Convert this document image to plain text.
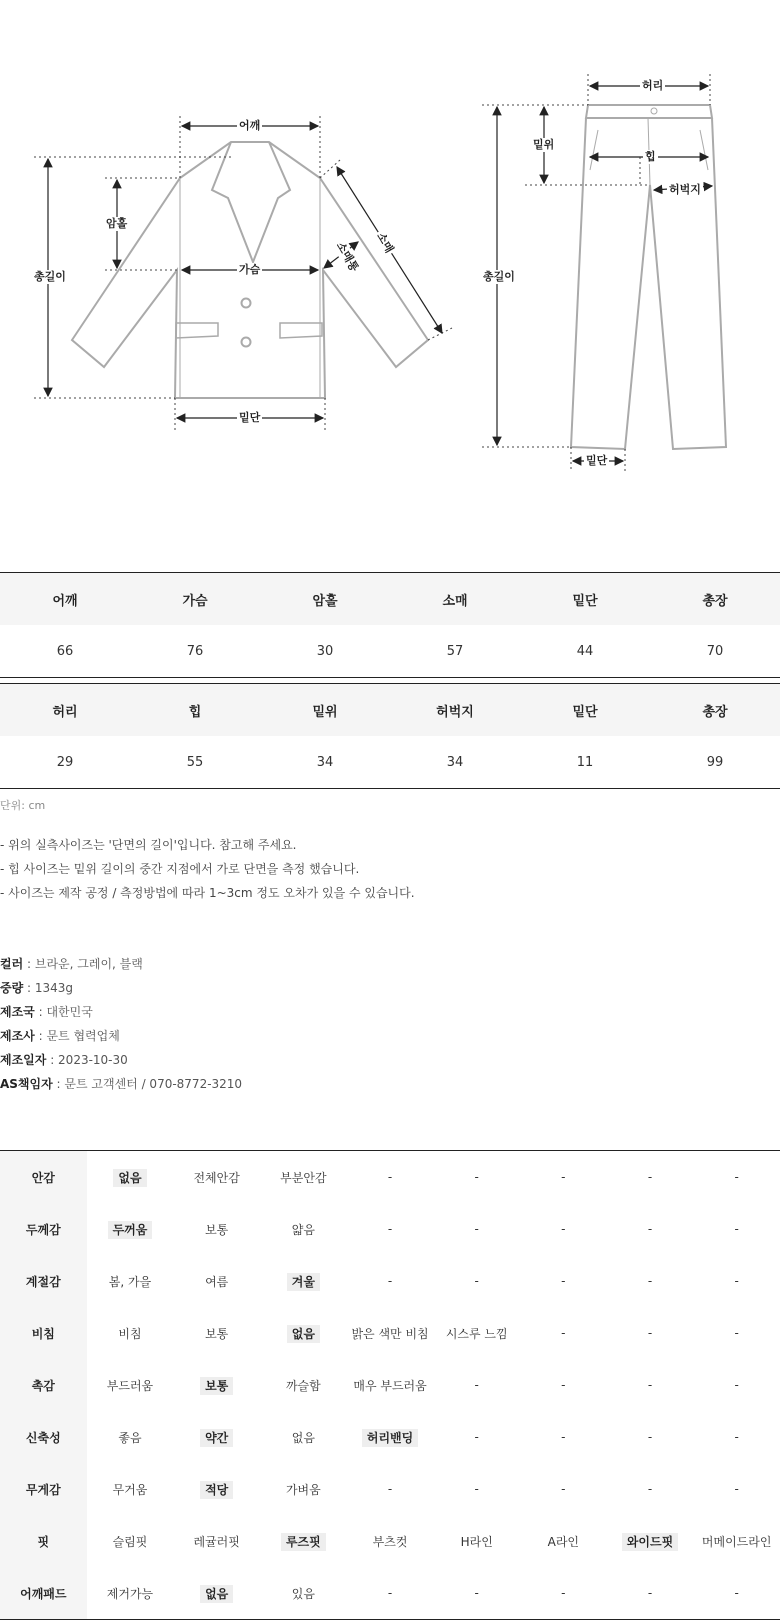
어깨
암홀
총길이
가슴
밑단
소매
소매통
허리
밑위
힙
허벅지
총길이
밑단
어깨	가슴	암홀	소매	밑단	총장
66	76	30	57	44	70
허리	힙	밑위	허벅지	밑단	총장
29	55	34	34	11	99
단위: cm
- 위의 실측사이즈는 '단면의 길이'입니다. 참고해 주세요.
- 힙 사이즈는 밑위 길이의 중간 지점에서 가로 단면을 측정 했습니다.
- 사이즈는 제작 공정 / 측정방법에 따라 1~3cm 정도 오차가 있을 수 있습니다.
컬러 : 브라운, 그레이, 블랙
중량 : 1343g
제조국 : 대한민국
제조사 : 문트 협력업체
제조일자 : 2023-10-30
AS책임자 : 문트 고객센터 / 070-8772-3210
안감	없음	전체안감	부분안감	-	-	-	-	-
두께감	두꺼움	보통	얇음	-	-	-	-	-
계절감	봄, 가을	여름	겨울	-	-	-	-	-
비침	비침	보통	없음	밝은 색만 비침	시스루 느낌	-	-	-
촉감	부드러움	보통	까슬함	매우 부드러움	-	-	-	-
신축성	좋음	약간	없음	허리밴딩	-	-	-	-
무게감	무거움	적당	가벼움	-	-	-	-	-
핏	슬림핏	레귤러핏	루즈핏	부츠컷	H라인	A라인	와이드핏	머메이드라인
어깨패드	제거가능	없음	있음	-	-	-	-	-
